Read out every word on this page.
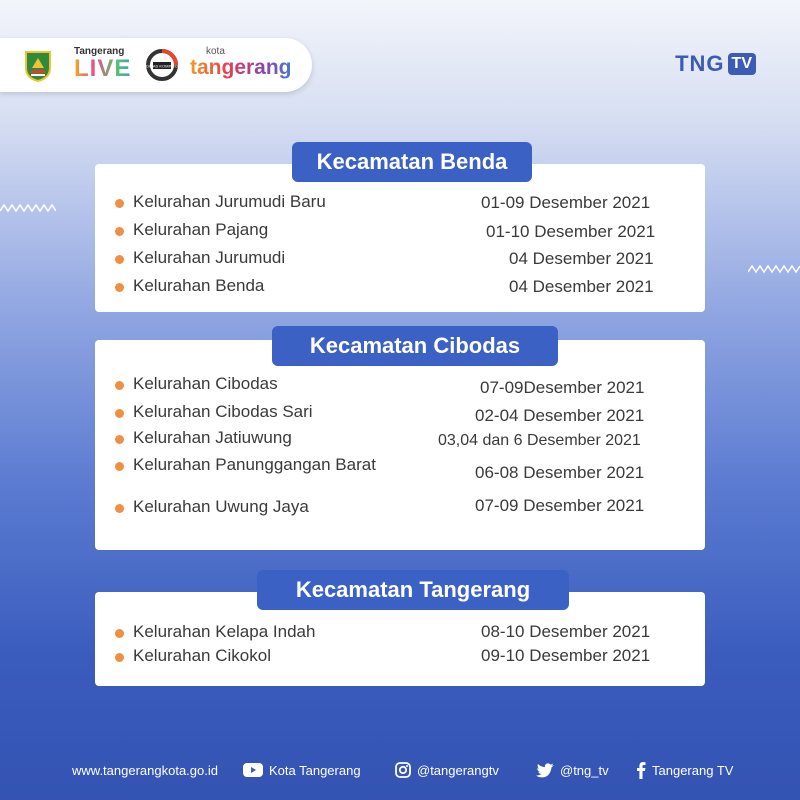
Tangerang
LIVE	DINAS KOMINFO
kota
tangerang	TNG TV
Kelurahan Jurumudi Baru	01-09 Desember 2021
Kelurahan Pajang	01-10 Desember 2021
Kelurahan Jurumudi	04 Desember 2021
Kelurahan Benda	04 Desember 2021
Kecamatan Benda
Kelurahan Cibodas	07-09Desember 2021
Kelurahan Cibodas Sari	02-04 Desember 2021
Kelurahan Jatiuwung	03,04 dan 6 Desember 2021
Kelurahan Panunggangan Barat	06-08 Desember 2021
Kelurahan Uwung Jaya	07-09 Desember 2021
Kecamatan Cibodas
Kelurahan Kelapa Indah	08-10 Desember 2021
Kelurahan Cikokol	09-10 Desember 2021
Kecamatan Tangerang
www.tangerangkota.go.id	Kota Tangerang	@tangerangtv	@tng_tv	Tangerang TV
